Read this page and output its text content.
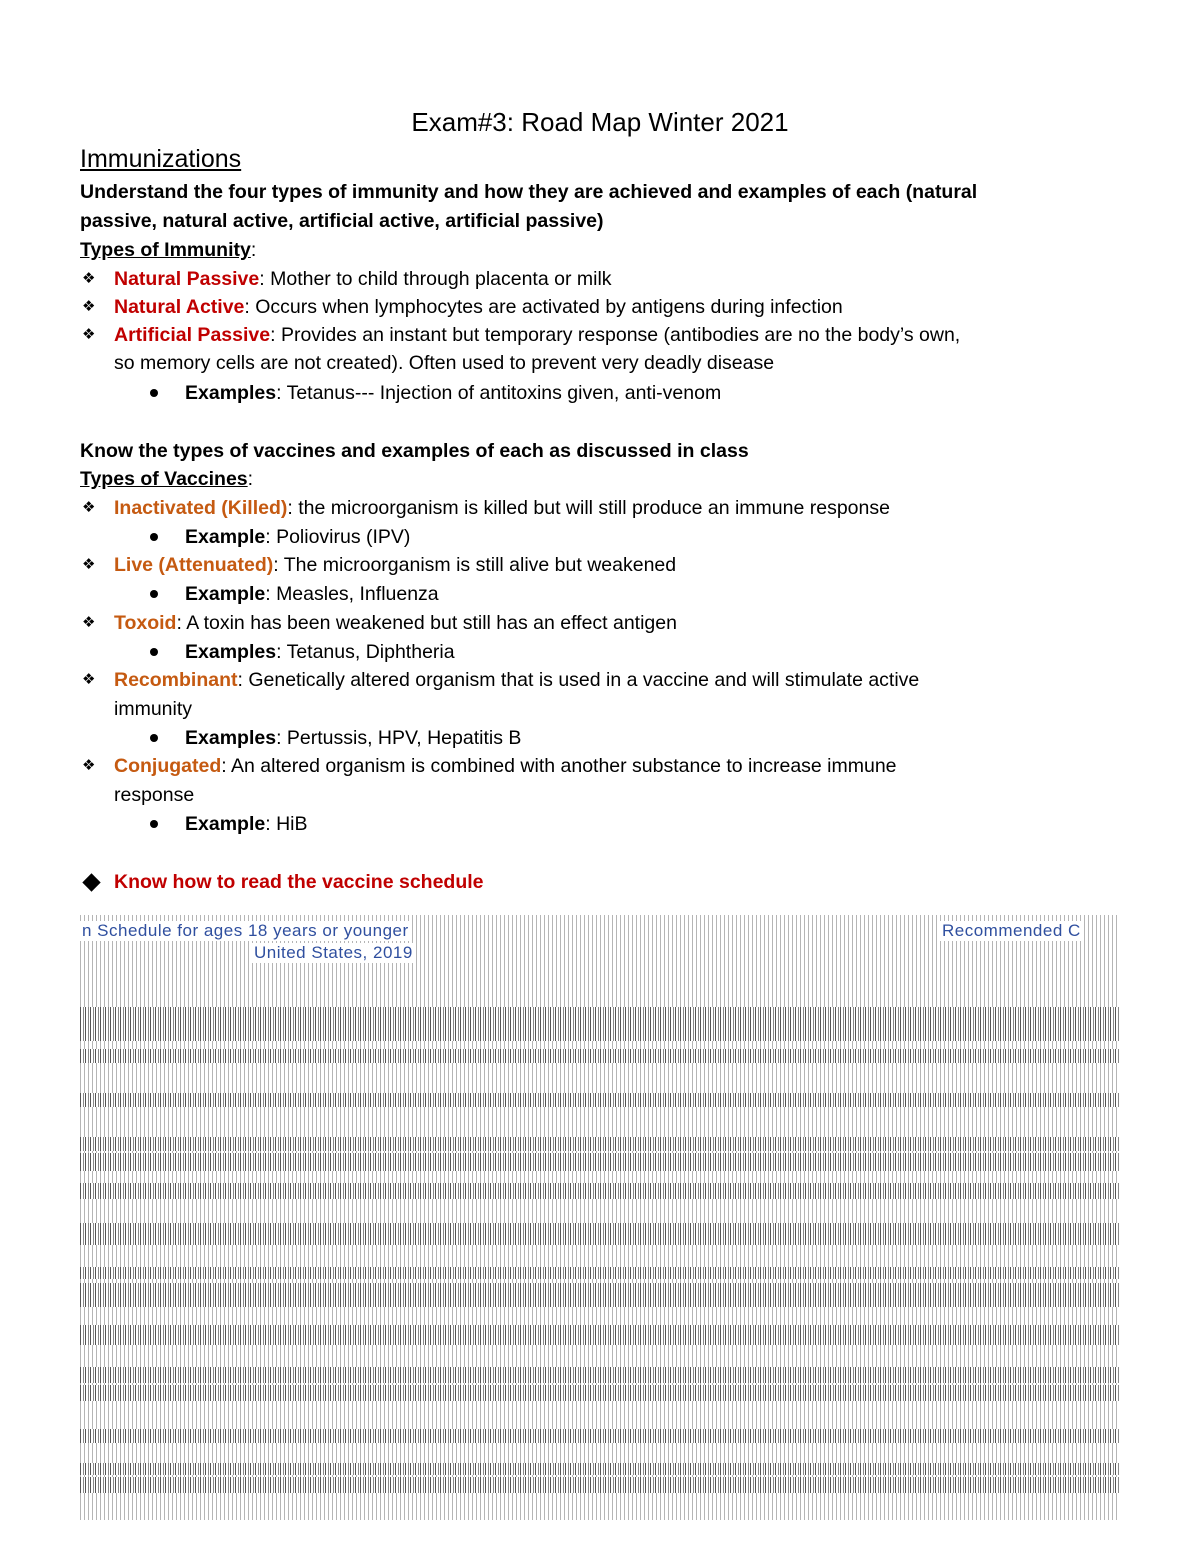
Exam#3: Road Map Winter 2021
Immunizations
Understand the four types of immunity and how they are achieved and examples of each (natural
passive, natural active, artificial active, artificial passive)
Types of Immunity:
❖ Natural Passive: Mother to child through placenta or milk
❖ Natural Active: Occurs when lymphocytes are activated by antigens during infection
❖ Artificial Passive: Provides an instant but temporary response (antibodies are no the body’s own,
so memory cells are not created). Often used to prevent very deadly disease
Examples: Tetanus--- Injection of antitoxins given, anti-venom
Know the types of vaccines and examples of each as discussed in class
Types of Vaccines:
❖ Inactivated (Killed): the microorganism is killed but will still produce an immune response
Example: Poliovirus (IPV)
❖ Live (Attenuated): The microorganism is still alive but weakened
Example: Measles, Influenza
❖ Toxoid: A toxin has been weakened but still has an effect antigen
Examples: Tetanus, Diphtheria
❖ Recombinant: Genetically altered organism that is used in a vaccine and will stimulate active
immunity
Examples: Pertussis, HPV, Hepatitis B
❖ Conjugated: An altered organism is combined with another substance to increase immune
response
Example: HiB
Know how to read the vaccine schedule
n Schedule for ages 18 years or younger	Recommended C
United States, 2019
